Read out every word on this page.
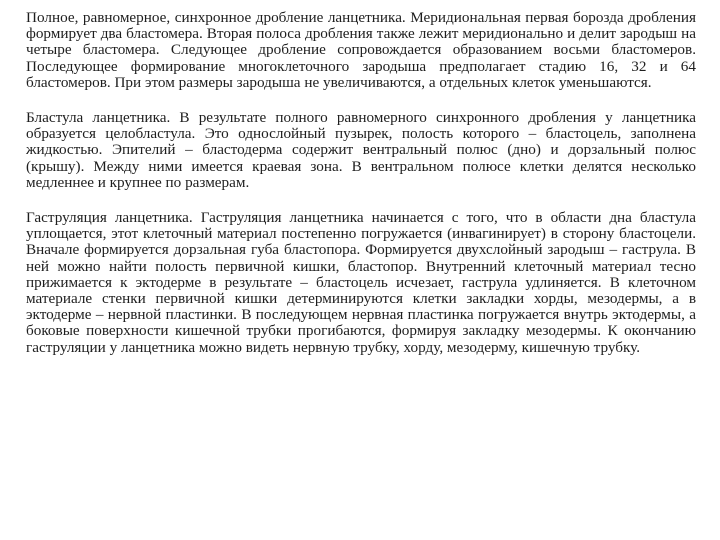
Полное, равномерное, синхронное дробление ланцетника. Меридиональная первая борозда дробления формирует два бластомера. Вторая полоса дробления также лежит меридионально и делит зародыш на четыре бластомера. Следующее дробление сопровождается образованием восьми бластомеров. Последующее формирование многоклеточного зародыша предполагает стадию 16, 32 и 64 бластомеров. При этом размеры зародыша не увеличиваются, а отдельных клеток уменьшаются.

Бластула ланцетника. В результате полного равномерного синхронного дробления у ланцетника образуется целобластула. Это однослойный пузырек, полость которого – бластоцель, заполнена жидкостью. Эпителий – бластодерма содержит вентральный полюс (дно) и дорзальный полюс (крышу). Между ними имеется краевая зона. В вентральном полюсе клетки делятся несколько медленнее и крупнее по размерам.

Гаструляция ланцетника. Гаструляция ланцетника начинается с того, что в области дна бластула уплощается, этот клеточный материал постепенно погружается (инвагинирует) в сторону бластоцели. Вначале формируется дорзальная губа бластопора. Формируется двухслойный зародыш – гаструла. В ней можно найти полость первичной кишки, бластопор. Внутренний клеточный материал тесно прижимается к эктодерме в результате – бластоцель исчезает, гаструла удлиняется. В клеточном материале стенки первичной кишки детерминируются клетки закладки хорды, мезодермы, а в эктодерме – нервной пластинки. В последующем нервная пластинка погружается внутрь эктодермы, а боковые поверхности кишечной трубки прогибаются, формируя закладку мезодермы. К окончанию гаструляции у ланцетника можно видеть нервную трубку, хорду, мезодерму, кишечную трубку.
